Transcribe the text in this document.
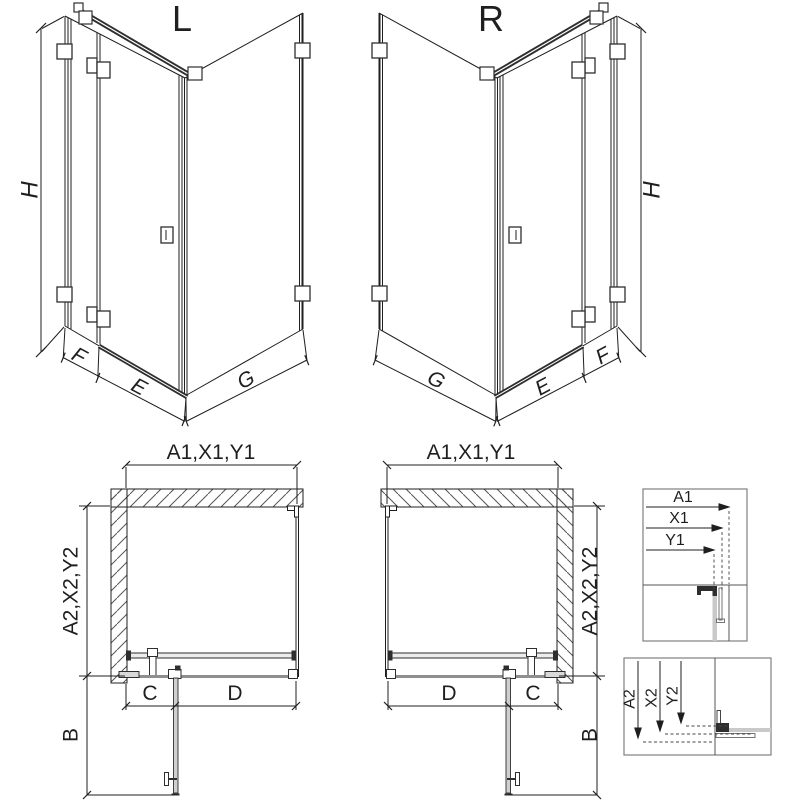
L
H
F
E	G
R
H
G	E
F
A1,X1,Y1
A2,X2,Y2
B
C	D
A1,X1,Y1
A2,X2,Y2
B
D	C
A1
X1
Y1
A2 X2 Y2
